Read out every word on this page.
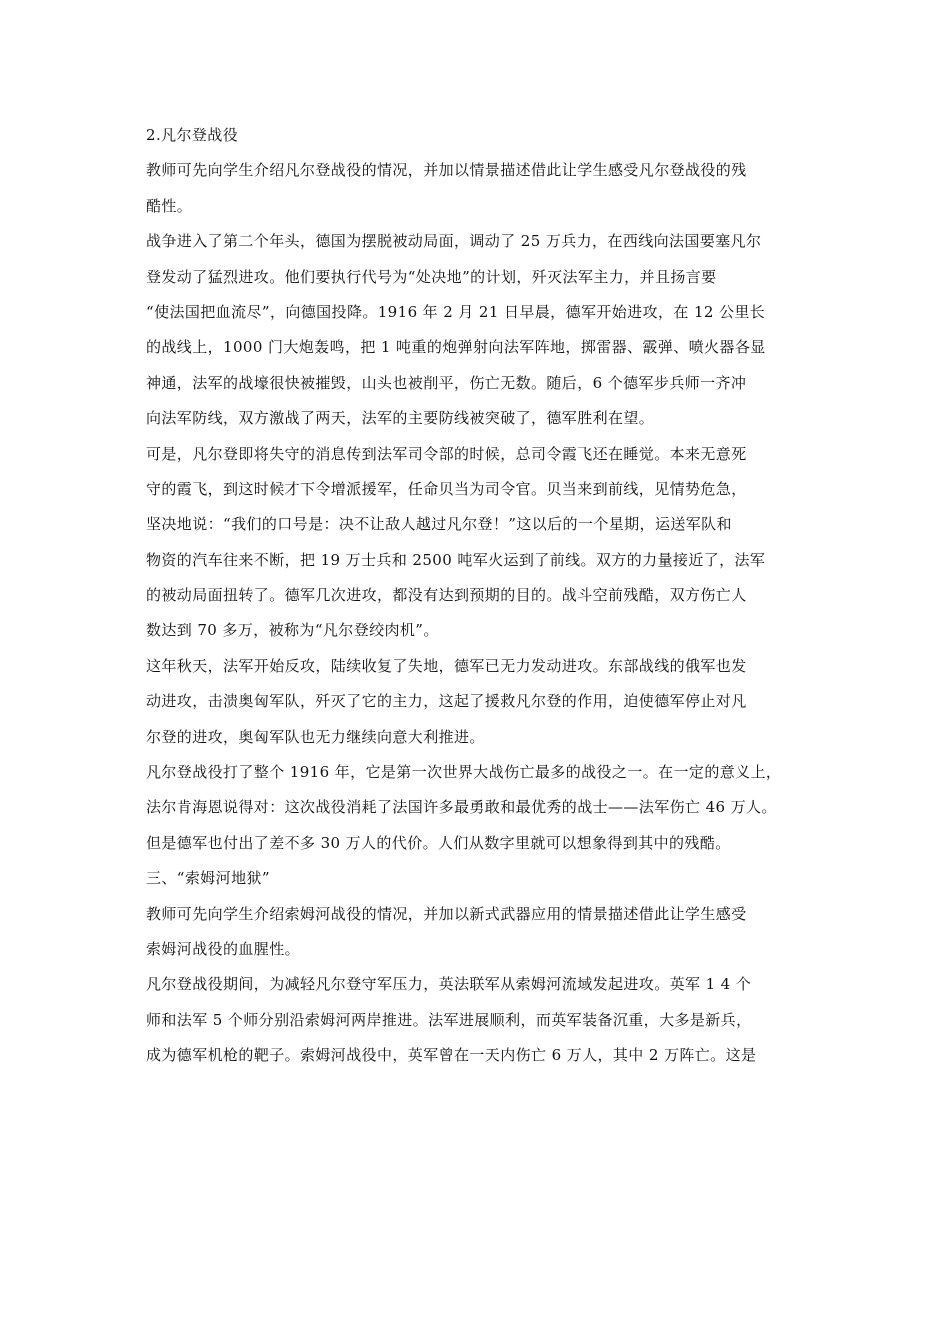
2.凡尔登战役
教师可先向学生介绍凡尔登战役的情况，并加以情景描述借此让学生感受凡尔登战役的残
酷性。
战争进入了第二个年头，德国为摆脱被动局面，调动了 25 万兵力，在西线向法国要塞凡尔
登发动了猛烈进攻。他们要执行代号为“处决地”的计划，歼灭法军主力，并且扬言要
“使法国把血流尽”，向德国投降。1916 年 2 月 21 日早晨，德军开始进攻，在 12 公里长
的战线上，1000 门大炮轰鸣，把 1 吨重的炮弹射向法军阵地，掷雷器、霰弹、喷火器各显
神通，法军的战壕很快被摧毁，山头也被削平，伤亡无数。随后，6 个德军步兵师一齐冲
向法军防线，双方激战了两天，法军的主要防线被突破了，德军胜利在望。
可是，凡尔登即将失守的消息传到法军司令部的时候，总司令霞飞还在睡觉。本来无意死
守的霞飞，到这时候才下令增派援军，任命贝当为司令官。贝当来到前线，见情势危急，
坚决地说：“我们的口号是：决不让敌人越过凡尔登！”这以后的一个星期，运送军队和
物资的汽车往来不断，把 19 万士兵和 2500 吨军火运到了前线。双方的力量接近了，法军
的被动局面扭转了。德军几次进攻，都没有达到预期的目的。战斗空前残酷，双方伤亡人
数达到 70 多万，被称为“凡尔登绞肉机”。
这年秋天，法军开始反攻，陆续收复了失地，德军已无力发动进攻。东部战线的俄军也发
动进攻，击溃奥匈军队，歼灭了它的主力，这起了援救凡尔登的作用，迫使德军停止对凡
尔登的进攻，奥匈军队也无力继续向意大利推进。
凡尔登战役打了整个 1916 年，它是第一次世界大战伤亡最多的战役之一。在一定的意义上，
法尔肯海恩说得对：这次战役消耗了法国许多最勇敢和最优秀的战士——法军伤亡 46 万人。
但是德军也付出了差不多 30 万人的代价。人们从数字里就可以想象得到其中的残酷。
三、“索姆河地狱”
教师可先向学生介绍索姆河战役的情况，并加以新式武器应用的情景描述借此让学生感受
索姆河战役的血腥性。
凡尔登战役期间，为减轻凡尔登守军压力，英法联军从索姆河流域发起进攻。英军 1 4 个
师和法军 5 个师分别沿索姆河两岸推进。法军进展顺利，而英军装备沉重，大多是新兵，
成为德军机枪的靶子。索姆河战役中，英军曾在一天内伤亡 6 万人，其中 2 万阵亡。这是
